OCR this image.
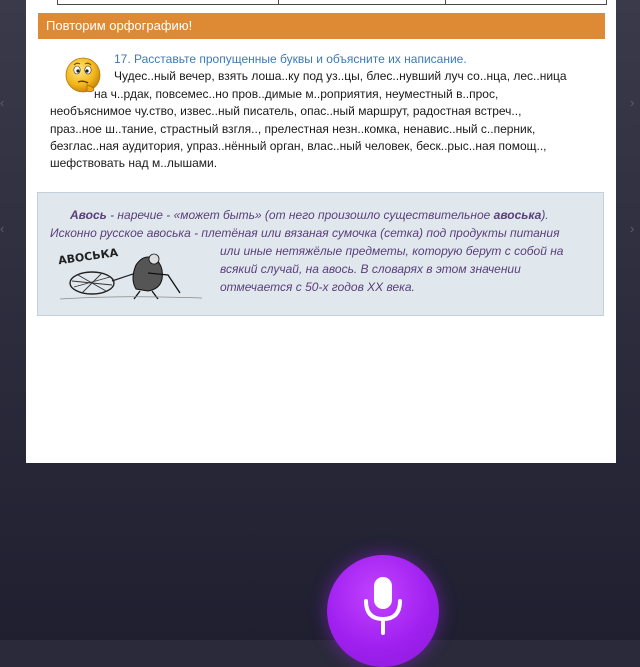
‹
‹
›
›
Повторим орфографию!
17. Расставьте пропущенные буквы и объясните их написание.
Чудес..ный вечер, взять лоша..ку под уз..цы, блес..нувший луч со..нца, лес..ница
на ч..рдак, повсемес..но пров..димые м..роприятия, неуместный в..прос,
необъяснимое чу.ство, извес..ный писатель, опас..ный маршрут, радостная встреч..,
праз..ное ш..тание, страстный взгля.., прелестная незн..комка, ненавис..ный с..перник,
безглас..ная аудитория, упраз..нённый орган, влас..ный человек, беск..рыс..ная помощ..,
шефствовать над м..лышами.
Авось - наречие - «может быть» (от него произошло существительное авоська).
Исконно русское авоська - плетёная или вязаная сумочка (сетка) под продукты питания
или иные нетяжёлые предметы, которую берут с собой на
всякий случай, на авось. В словарях в этом значении
отмечается с 50-х годов XX века.
АВОСЬКА
